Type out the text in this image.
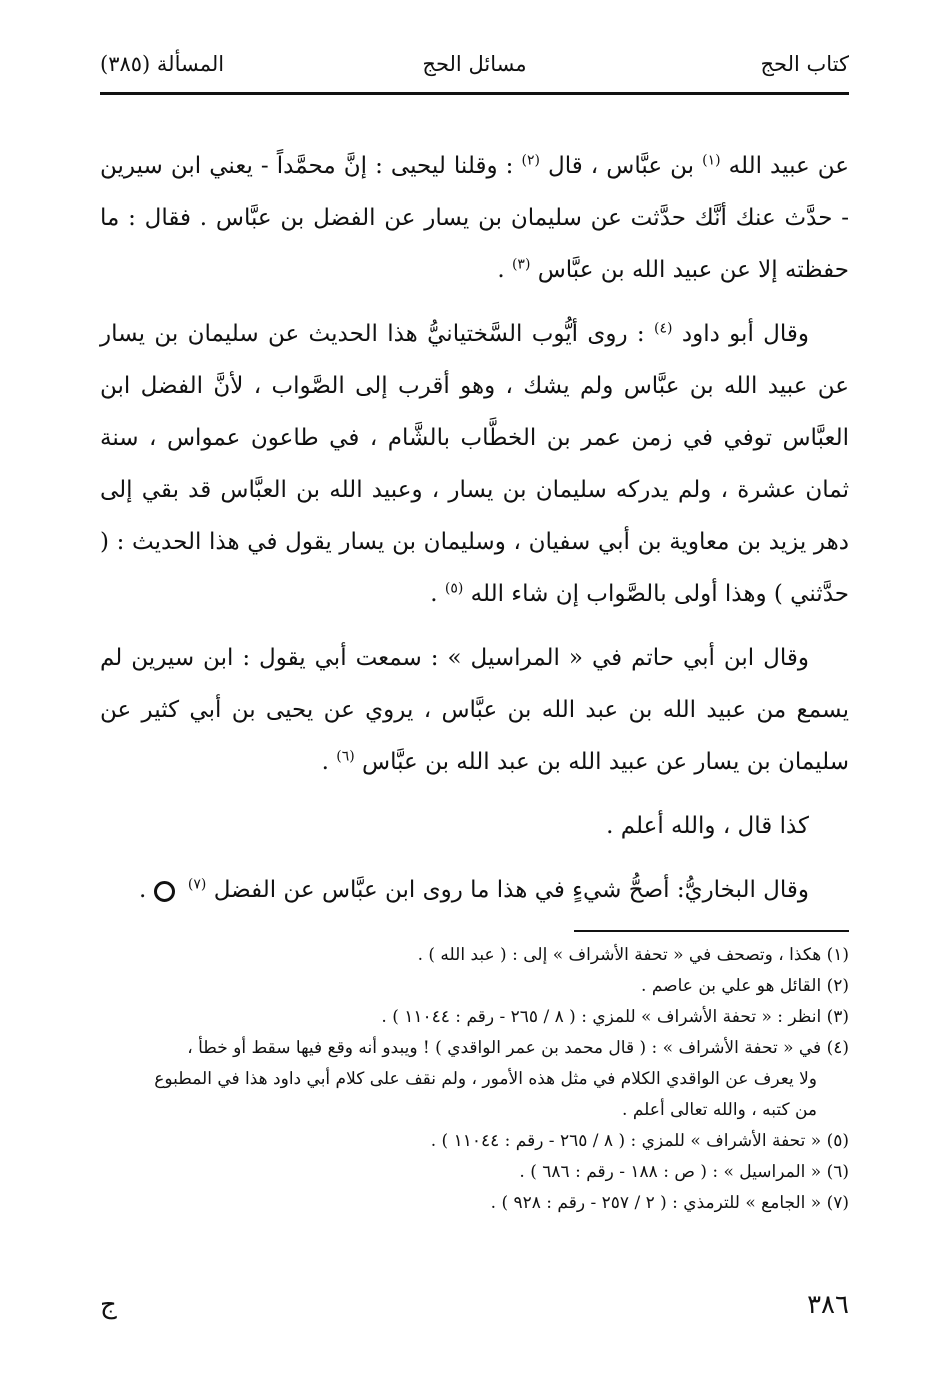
كتاب الحج
مسائل الحج
المسألة (٣٨٥)

عن عبيد الله $^{(١)}$ بن عبَّاس ، قال $^{(٢)}$ : وقلنا ليحيى : إنَّ محمَّداً - يعني ابن سيرين - حدَّث عنك أنَّك حدَّثت عن سليمان بن يسار عن الفضل بن عبَّاس . فقال : ما حفظته إلا عن عبيد الله بن عبَّاس $^{(٣)}$ .

وقال أبو داود $^{(٤)}$ : روى أيُّوب السَّختيانيُّ هذا الحديث عن سليمان بن يسار عن عبيد الله بن عبَّاس ولم يشك ، وهو أقرب إلى الصَّواب ، لأنَّ الفضل ابن العبَّاس توفي في زمن عمر بن الخطَّاب بالشَّام ، في طاعون عمواس ، سنة ثمان عشرة ، ولم يدركه سليمان بن يسار ، وعبيد الله بن العبَّاس قد بقي إلى دهر يزيد بن معاوية بن أبي سفيان ، وسليمان بن يسار يقول في هذا الحديث : ( حدَّثني ) وهذا أولى بالصَّواب إن شاء الله $^{(٥)}$ .

وقال ابن أبي حاتم في « المراسيل » : سمعت أبي يقول : ابن سيرين لم يسمع من عبيد الله بن عبد الله بن عبَّاس ، يروي عن يحيى بن أبي كثير عن سليمان بن يسار عن عبيد الله بن عبد الله بن عبَّاس $^{(٦)}$ .

كذا قال ، والله أعلم .

وقال البخاريُّ: أصحُّ شيءٍ في هذا ما روى ابن عبَّاس عن الفضل $^{(٧)}$  .

(١) هكذا ، وتصحف في « تحفة الأشراف » إلى : ( عبد الله ) .

(٢) القائل هو علي بن عاصم .

(٣) انظر : « تحفة الأشراف » للمزي : ( ٨ / ٢٦٥ - رقم : ١١٠٤٤ ) .

(٤) في « تحفة الأشراف » : ( قال محمد بن عمر الواقدي ) ! ويبدو أنه وقع فيها سقط أو خطأ ،

ولا يعرف عن الواقدي الكلام في مثل هذه الأمور ، ولم نقف على كلام أبي داود هذا في المطبوع

من كتبه ، والله تعالى أعلم .

(٥) « تحفة الأشراف » للمزي : ( ٨ / ٢٦٥ - رقم : ١١٠٤٤ ) .

(٦) « المراسيل » : ( ص : ١٨٨ - رقم : ٦٨٦ ) .

(٧) « الجامع » للترمذي : ( ٢ / ٢٥٧ - رقم : ٩٢٨ ) .

٣٨٦
ج
